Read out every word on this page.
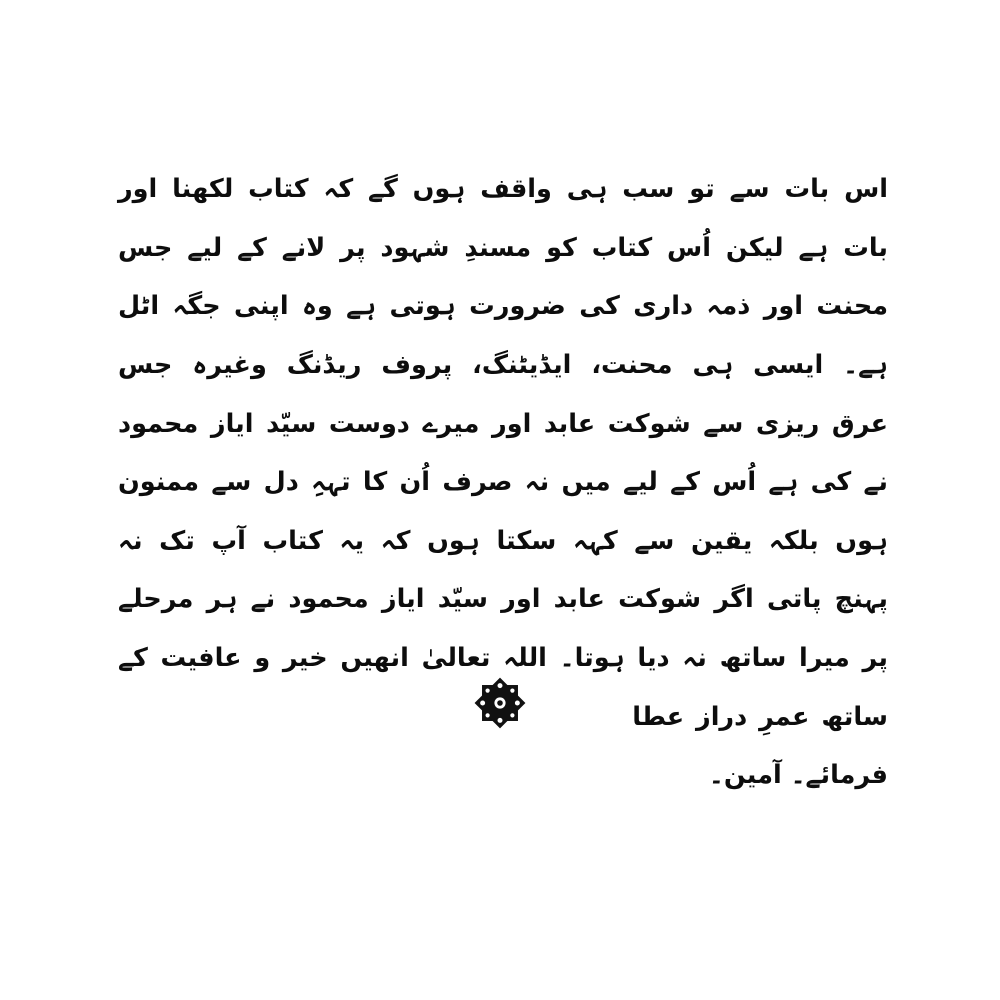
اس بات سے تو سب ہی واقف ہوں گے کہ کتاب لکھنا اور بات ہے لیکن اُس کتاب کو مسندِ شہود پر لانے کے لیے جس محنت اور ذمہ داری کی ضرورت ہوتی ہے وہ اپنی جگہ اٹل ہے۔ ایسی ہی محنت، ایڈیٹنگ، پروف ریڈنگ وغیرہ جس عرق ریزی سے شوکت عابد اور میرے دوست سیّد ایاز محمود نے کی ہے اُس کے لیے میں نہ صرف اُن کا تہہِ دل سے ممنون ہوں بلکہ یقین سے کہہ سکتا ہوں کہ یہ کتاب آپ تک نہ پہنچ پاتی اگر شوکت عابد اور سیّد ایاز محمود نے ہر مرحلے پر میرا ساتھ نہ دیا ہوتا۔ اللہ تعالیٰ انھیں خیر و عافیت کے ساتھ عمرِ دراز عطا

فرمائے۔ آمین۔
